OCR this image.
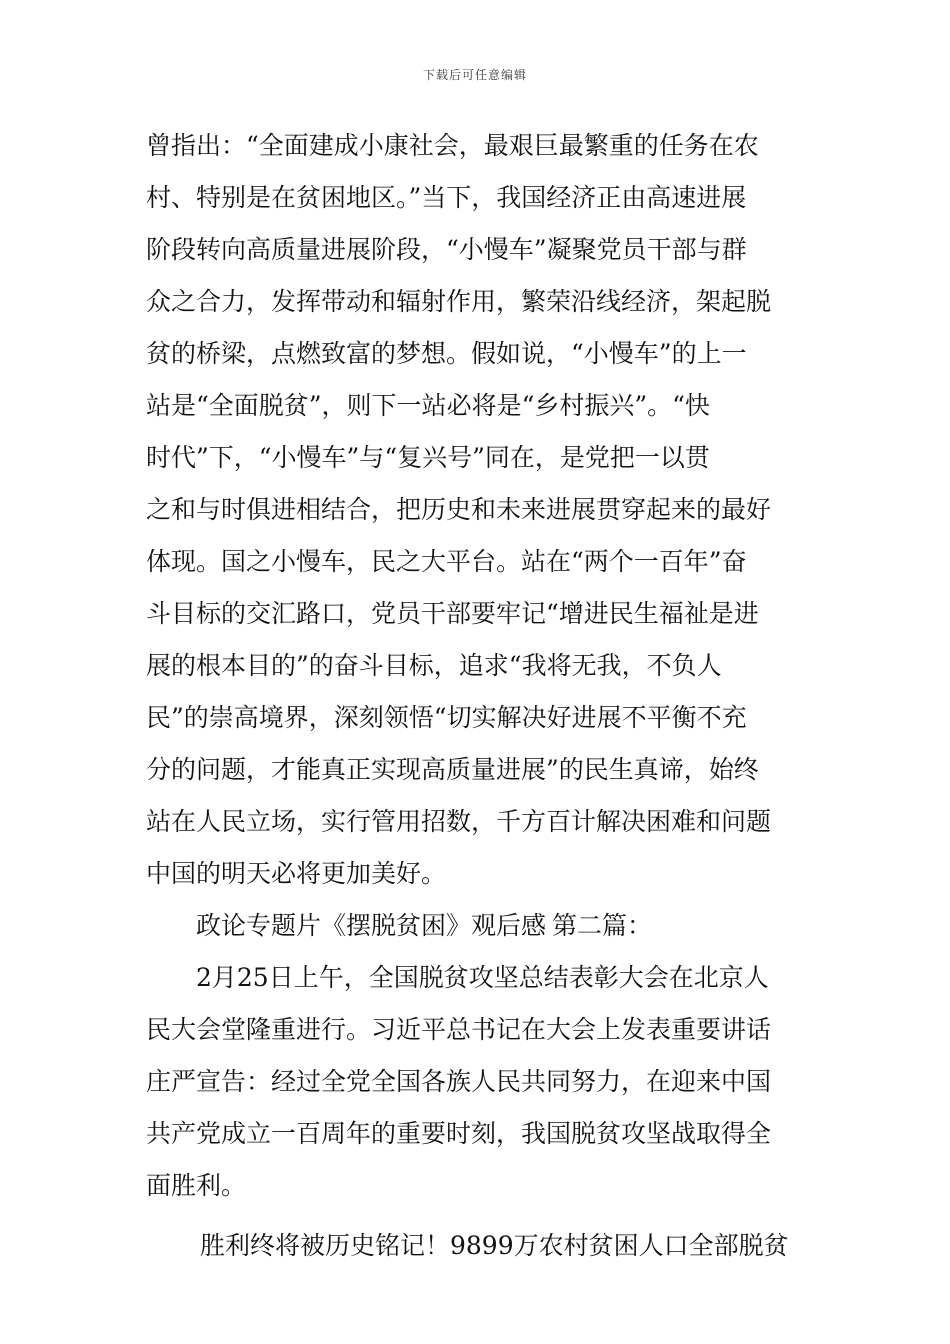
下载后可任意编辑
曾指出：“全面建成小康社会，最艰巨最繁重的任务在农
村、特别是在贫困地区。”当下，我国经济正由高速进展
阶段转向高质量进展阶段，“小慢车”凝聚党员干部与群
众之合力，发挥带动和辐射作用，繁荣沿线经济，架起脱
贫的桥梁，点燃致富的梦想。假如说，“小慢车”的上一
站是“全面脱贫”，则下一站必将是“乡村振兴”。“快
时代”下，“小慢车”与“复兴号”同在，是党把一以贯
之和与时俱进相结合，把历史和未来进展贯穿起来的最好
体现。国之小慢车，民之大平台。站在“两个一百年”奋
斗目标的交汇路口，党员干部要牢记“增进民生福祉是进
展的根本目的”的奋斗目标，追求“我将无我，不负人
民”的崇高境界，深刻领悟“切实解决好进展不平衡不充
分的问题，才能真正实现高质量进展”的民生真谛，始终
站在人民立场，实行管用招数，千方百计解决困难和问题
中国的明天必将更加美好。
政论专题片《摆脱贫困》观后感 第二篇：
2月25日上午，全国脱贫攻坚总结表彰大会在北京人
民大会堂隆重进行。习近平总书记在大会上发表重要讲话
庄严宣告：经过全党全国各族人民共同努力，在迎来中国
共产党成立一百周年的重要时刻，我国脱贫攻坚战取得全
面胜利。
胜利终将被历史铭记！9899万农村贫困人口全部脱贫
